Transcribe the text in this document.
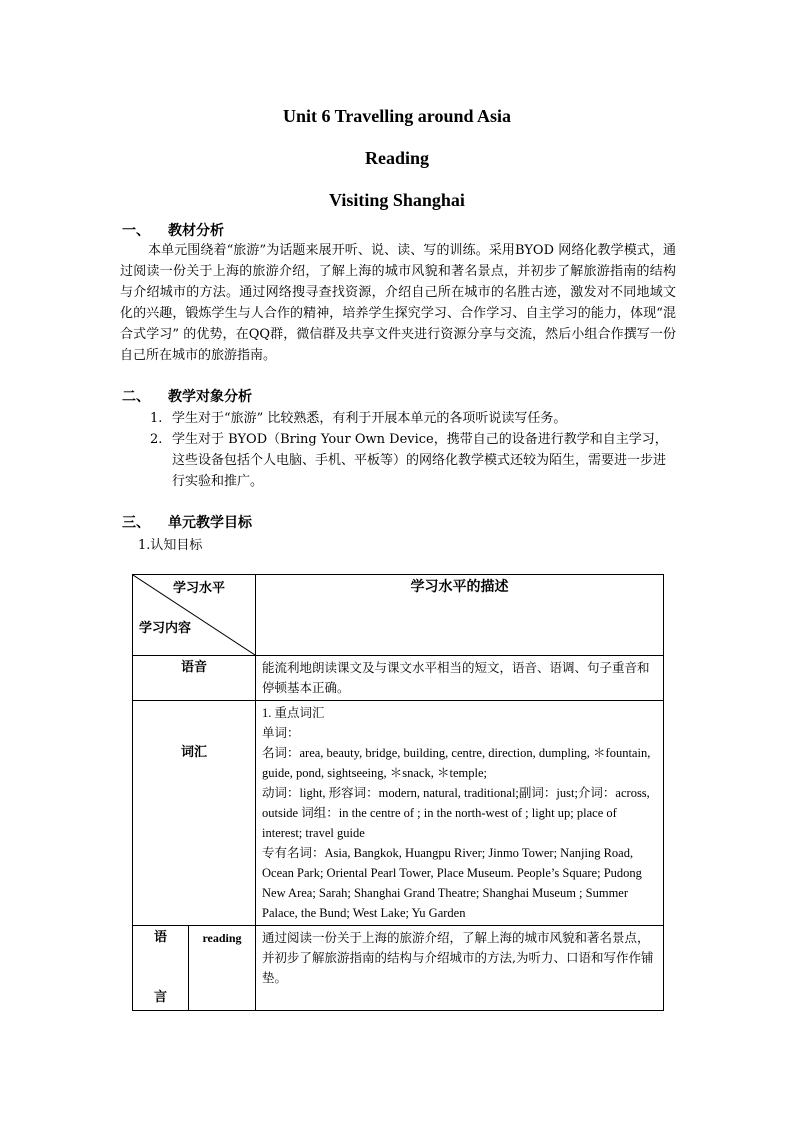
Unit 6 Travelling around Asia
Reading
Visiting Shanghai
一、 教材分析
本单元围绕着“旅游”为话题来展开听、说、读、写的训练。采用BYOD 网络化教学模式，通过阅读一份关于上海的旅游介绍，了解上海的城市风貌和著名景点，并初步了解旅游指南的结构与介绍城市的方法。通过网络搜寻查找资源，介绍自己所在城市的名胜古迹，激发对不同地域文化的兴趣，锻炼学生与人合作的精神，培养学生探究学习、合作学习、自主学习的能力，体现“混合式学习” 的优势，在QQ群，微信群及共享文件夹进行资源分享与交流，然后小组合作撰写一份自己所在城市的旅游指南。
二、 教学对象分析
1. 学生对于“旅游” 比较熟悉，有利于开展本单元的各项听说读写任务。
2. 学生对于 BYOD（Bring Your Own Device，携带自己的设备进行教学和自主学习，这些设备包括个人电脑、手机、平板等）的网络化教学模式还较为陌生，需要进一步进行实验和推广。
三、 单元教学目标
1.认知目标
学习水平
学习内容		学习水平的描述
语音		能流利地朗读课文及与课文水平相当的短文，语音、语调、句子重音和停顿基本正确。
词汇		1. 重点词汇
单词：
名词：area, beauty, bridge, building, centre, direction, dumpling, ＊fountain, guide, pond, sightseeing, ＊snack, ＊temple;
动词：light, 形容词：modern, natural, traditional;副词：just;介词：across, outside 词组：in the centre of ; in the north-west of ; light up; place of interest; travel guide
专有名词：Asia, Bangkok, Huangpu River; Jinmo Tower; Nanjing Road, Ocean Park; Oriental Pearl Tower, Place Museum. People’s Square; Pudong New Area; Sarah; Shanghai Grand Theatre; Shanghai Museum ; Summer Palace, the Bund; West Lake; Yu Garden

语
言	reading	通过阅读一份关于上海的旅游介绍，了解上海的城市风貌和著名景点，并初步了解旅游指南的结构与介绍城市的方法,为听力、口语和写作作铺垫。
